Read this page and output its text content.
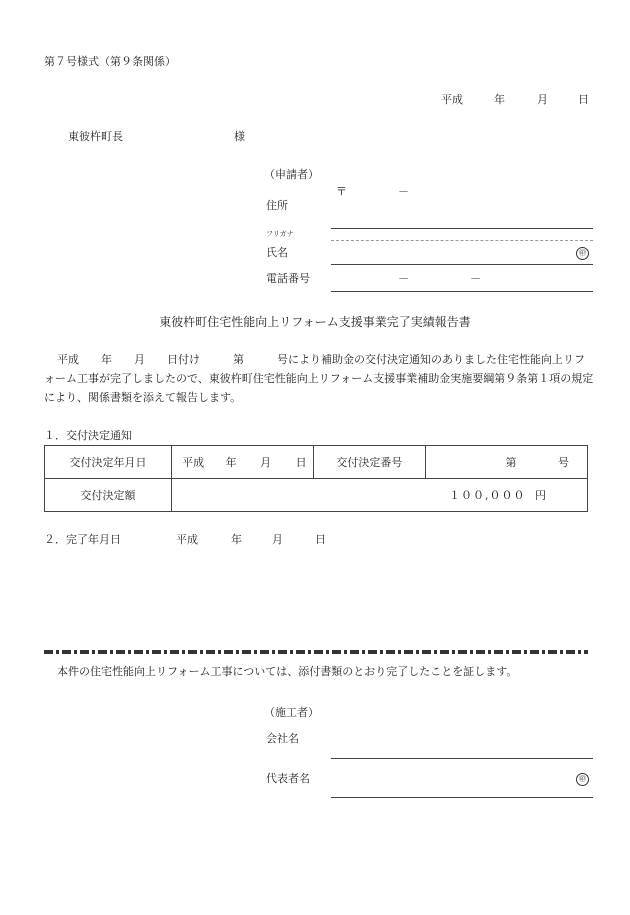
第７号様式（第９条関係）
平成	年	月	日
東彼杵町長	様
（申請者）
〒	－
住所
フリガナ
氏名	㊞
電話番号	－	－
東彼杵町住宅性能向上リフォーム支援事業完了実績報告書
平成　　年　　月　　日付け　　　第　　　号により補助金の交付決定通知のありました住宅性能向上リフォーム工事が完了しましたので、東彼杵町住宅性能向上リフォーム支援事業補助金実施要綱第９条第１項の規定により、関係書類を添えて報告します。
１．交付決定通知
交付決定年月日	平成 年 月 日	交付決定番号	第 号
交付決定額	１００,０００ 円		
２．完了年月日	平成	年	月	日
本件の住宅性能向上リフォーム工事については、添付書類のとおり完了したことを証します。
（施工者）
会社名
代表者名	㊞
